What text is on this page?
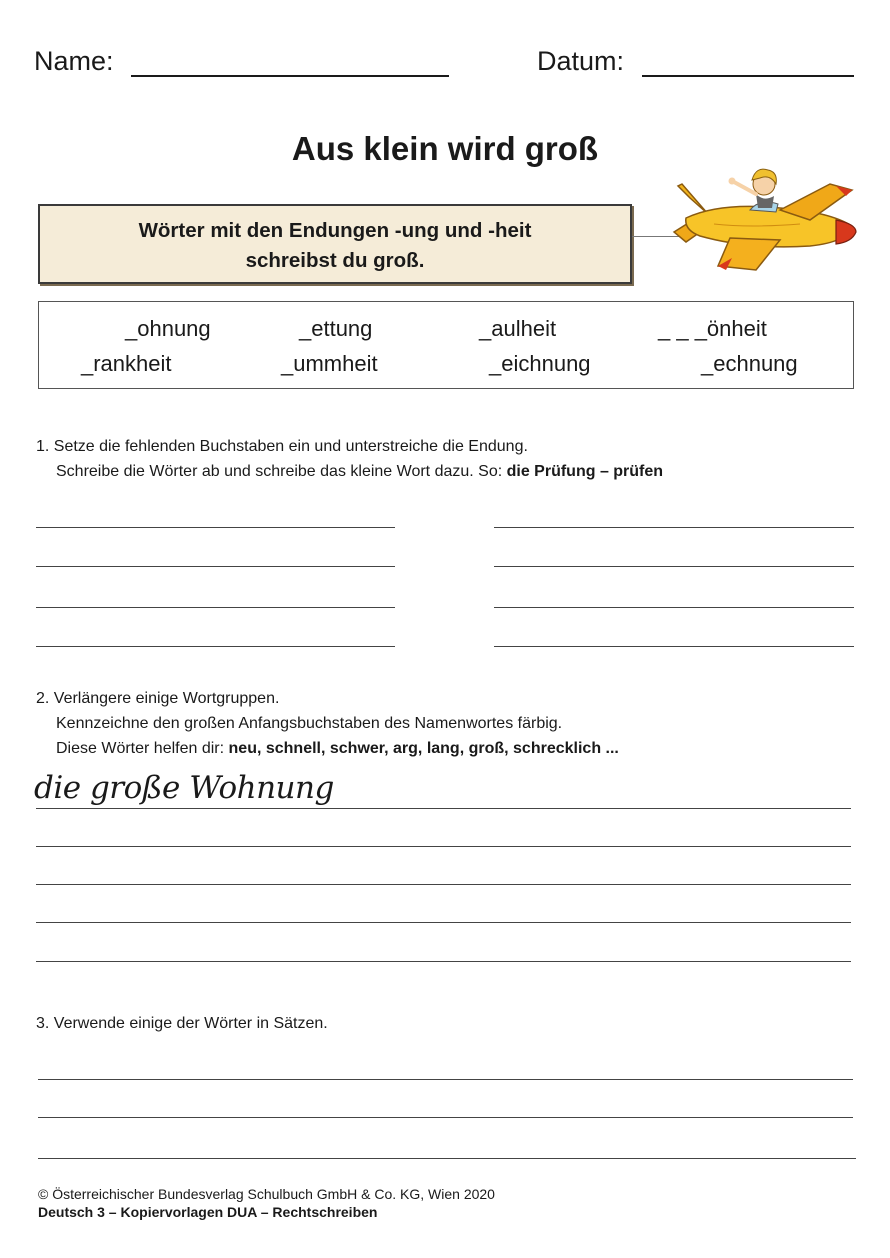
Name:	Datum:
Aus klein wird groß
Wörter mit den Endungen -ung und -heit
schreibst du groß.
_ohnung	_ettung	_aulheit	_ _ _önheit
_rankheit	_ummheit	_eichnung	_echnung
1. Setze die fehlenden Buchstaben ein und unterstreiche die Endung.
Schreibe die Wörter ab und schreibe das kleine Wort dazu. So: die Prüfung – prüfen
2. Verlängere einige Wortgruppen.
Kennzeichne den großen Anfangsbuchstaben des Namenwortes färbig.
Diese Wörter helfen dir: neu, schnell, schwer, arg, lang, groß, schrecklich ...
die große Wohnung
3. Verwende einige der Wörter in Sätzen.
© Österreichischer Bundesverlag Schulbuch GmbH & Co. KG, Wien 2020
Deutsch 3 – Kopiervorlagen DUA – Rechtschreiben
